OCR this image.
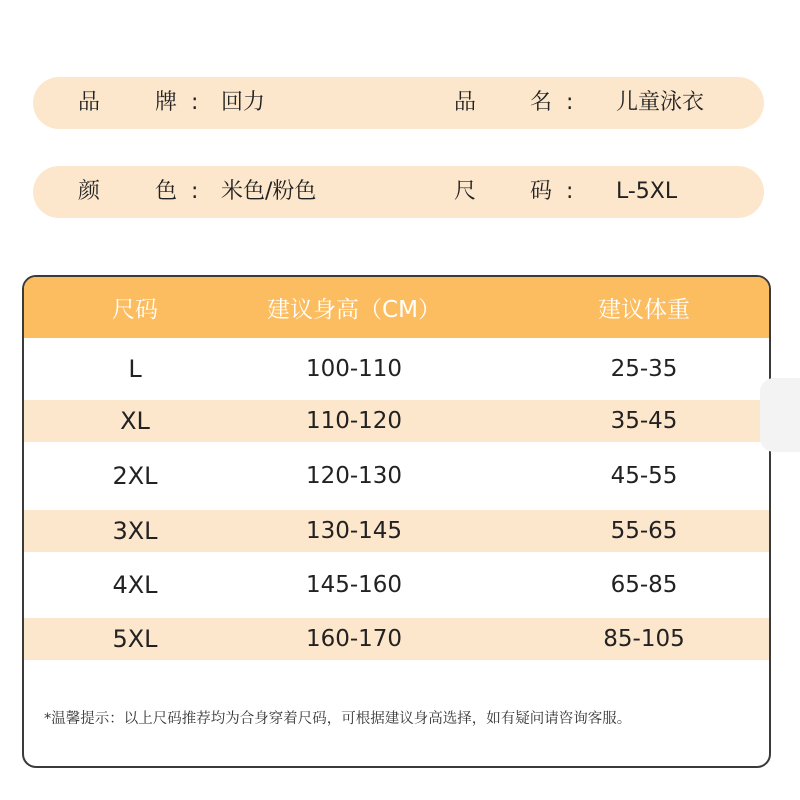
品 牌 : 回力	品 名 : 儿童泳衣
颜 色 : 米色/粉色	尺 码 : L-5XL
尺码	建议身高（CM）	建议体重
L	100-110	25-35
XL	110-120	35-45
2XL	120-130	45-55
3XL	130-145	55-65
4XL	145-160	65-85
5XL	160-170	85-105
*温馨提示：以上尺码推荐均为合身穿着尺码，可根据建议身高选择，如有疑问请咨询客服。
